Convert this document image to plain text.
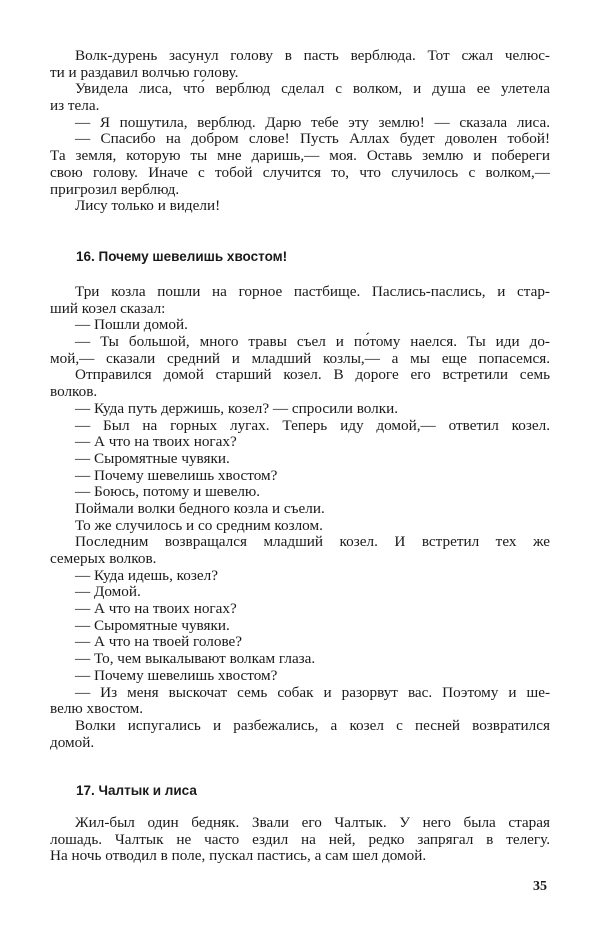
Волк-дурень засунул голову в пасть верблюда. Тот сжал челюс-
ти и раздавил волчью голову.
Увидела лиса, что́ верблюд сделал с волком, и душа ее улетела
из тела.
— Я пошутила, верблюд. Дарю тебе эту землю! — сказала лиса.
— Спасибо на добром слове! Пусть Аллах будет доволен тобой!
Та земля, которую ты мне даришь,— моя. Оставь землю и побереги
свою голову. Иначе с тобой случится то, что случилось с волком,—
пригрозил верблюд.
Лису только и видели!
16. Почему шевелишь хвостом!
Три козла пошли на горное пастбище. Паслись-паслись, и стар-
ший козел сказал:
— Пошли домой.
— Ты большой, много травы съел и по́тому наелся. Ты иди до-
мой,— сказали средний и младший козлы,— а мы еще попасемся.
Отправился домой старший козел. В дороге его встретили семь
волков.
— Куда путь держишь, козел? — спросили волки.
— Был на горных лугах. Теперь иду домой,— ответил козел.
— А что на твоих ногах?
— Сыромятные чувяки.
— Почему шевелишь хвостом?
— Боюсь, потому и шевелю.
Поймали волки бедного козла и съели.
То же случилось и со средним козлом.
Последним возвращался младший козел. И встретил тех же
семерых волков.
— Куда идешь, козел?
— Домой.
— А что на твоих ногах?
— Сыромятные чувяки.
— А что на твоей голове?
— То, чем выкалывают волкам глаза.
— Почему шевелишь хвостом?
— Из меня выскочат семь собак и разорвут вас. Поэтому и ше-
велю хвостом.
Волки испугались и разбежались, а козел с песней возвратился
домой.
17. Чалтык и лиса
Жил-был один бедняк. Звали его Чалтык. У него была старая
лошадь. Чалтык не часто ездил на ней, редко запрягал в телегу.
На ночь отводил в поле, пускал пастись, а сам шел домой.
35
